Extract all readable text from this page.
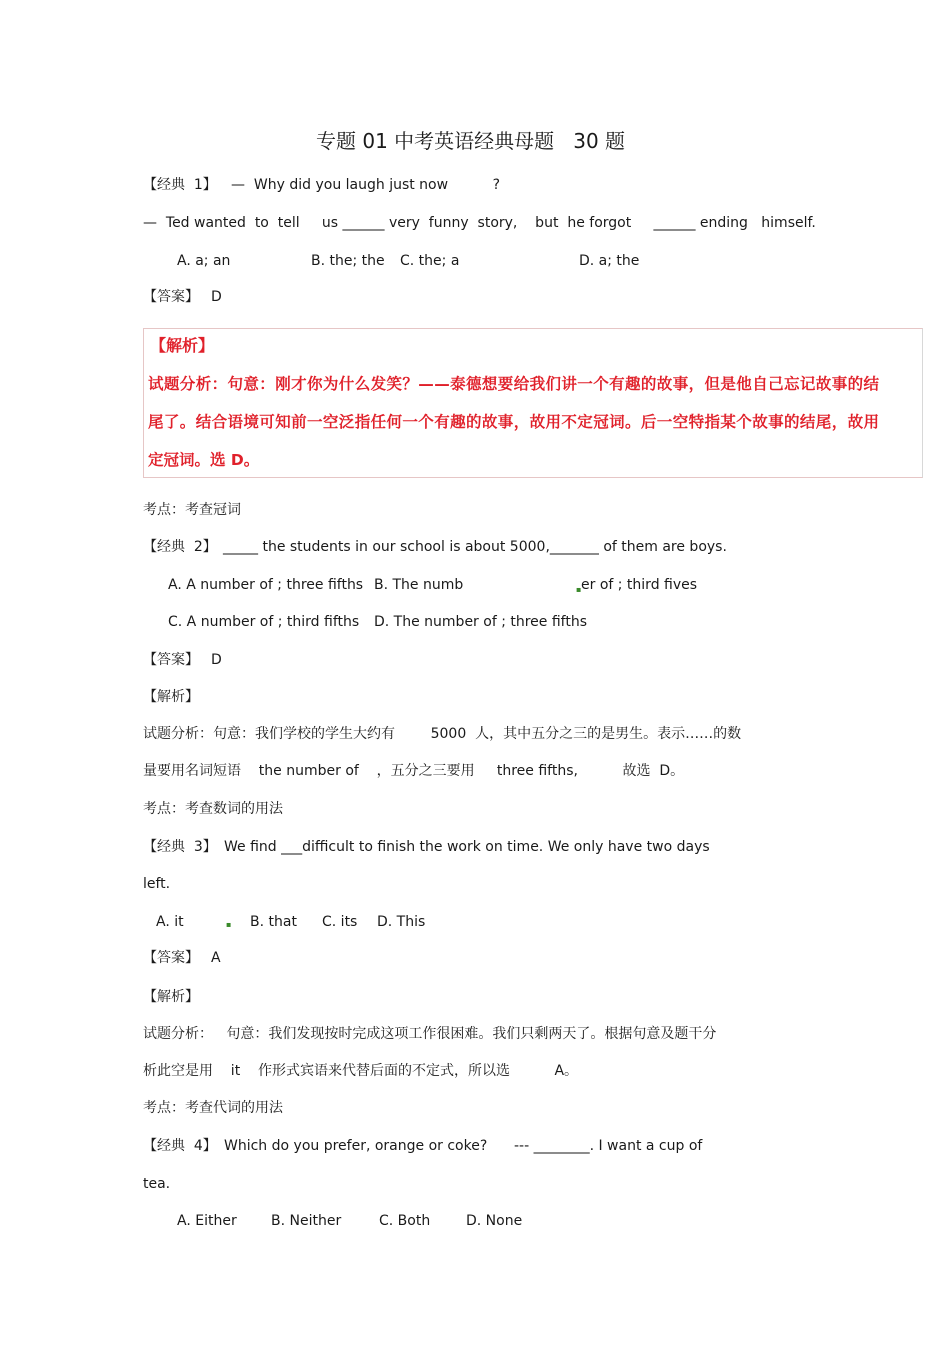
专题 01 中考英语经典母题   30 题
【经典  1】 —  Why did you laugh just now          ?
—  Ted wanted  to  tell     us ______ very  funny  story,    but  he forgot     ______ ending   himself.
A. a; an	B. the; the C. the; a	D. a; the
【答案】 D
【解析】
试题分析：句意：刚才你为什么发笑？——泰德想要给我们讲一个有趣的故事，但是他自己忘记故事的结
尾了。结合语境可知前一空泛指任何一个有趣的故事，故用不定冠词。后一空特指某个故事的结尾，故用
定冠词。选 D。
考点：考查冠词
【经典  2】 _____ the students in our school is about 5000,_______ of them are boys.
A. A number of ; three fifths B. The numb	▪ er of ; third fives
C. A number of ; third fifths D. The number of ; three fifths
【答案】 D
【解析】
试题分析：句意：我们学校的学生大约有        5000  人，其中五分之三的是男生。表示……的数
量要用名词短语    the number of    ，五分之三要用     three fifths,          故选  D。
考点：考查数词的用法
【经典  3】 We find ___difficult to finish the work on time. We only have two days
left.
A. it	▪ B. that C. its D. This
【答案】 A
【解析】
试题分析：   句意：我们发现按时完成这项工作很困难。我们只剩两天了。根据句意及题干分
析此空是用    it    作形式宾语来代替后面的不定式，所以选          A。
考点：考查代词的用法
【经典  4】 Which do you prefer, orange or coke?      --- ________. I want a cup of
tea.
A. Either B. Neither	C. Both	D. None
